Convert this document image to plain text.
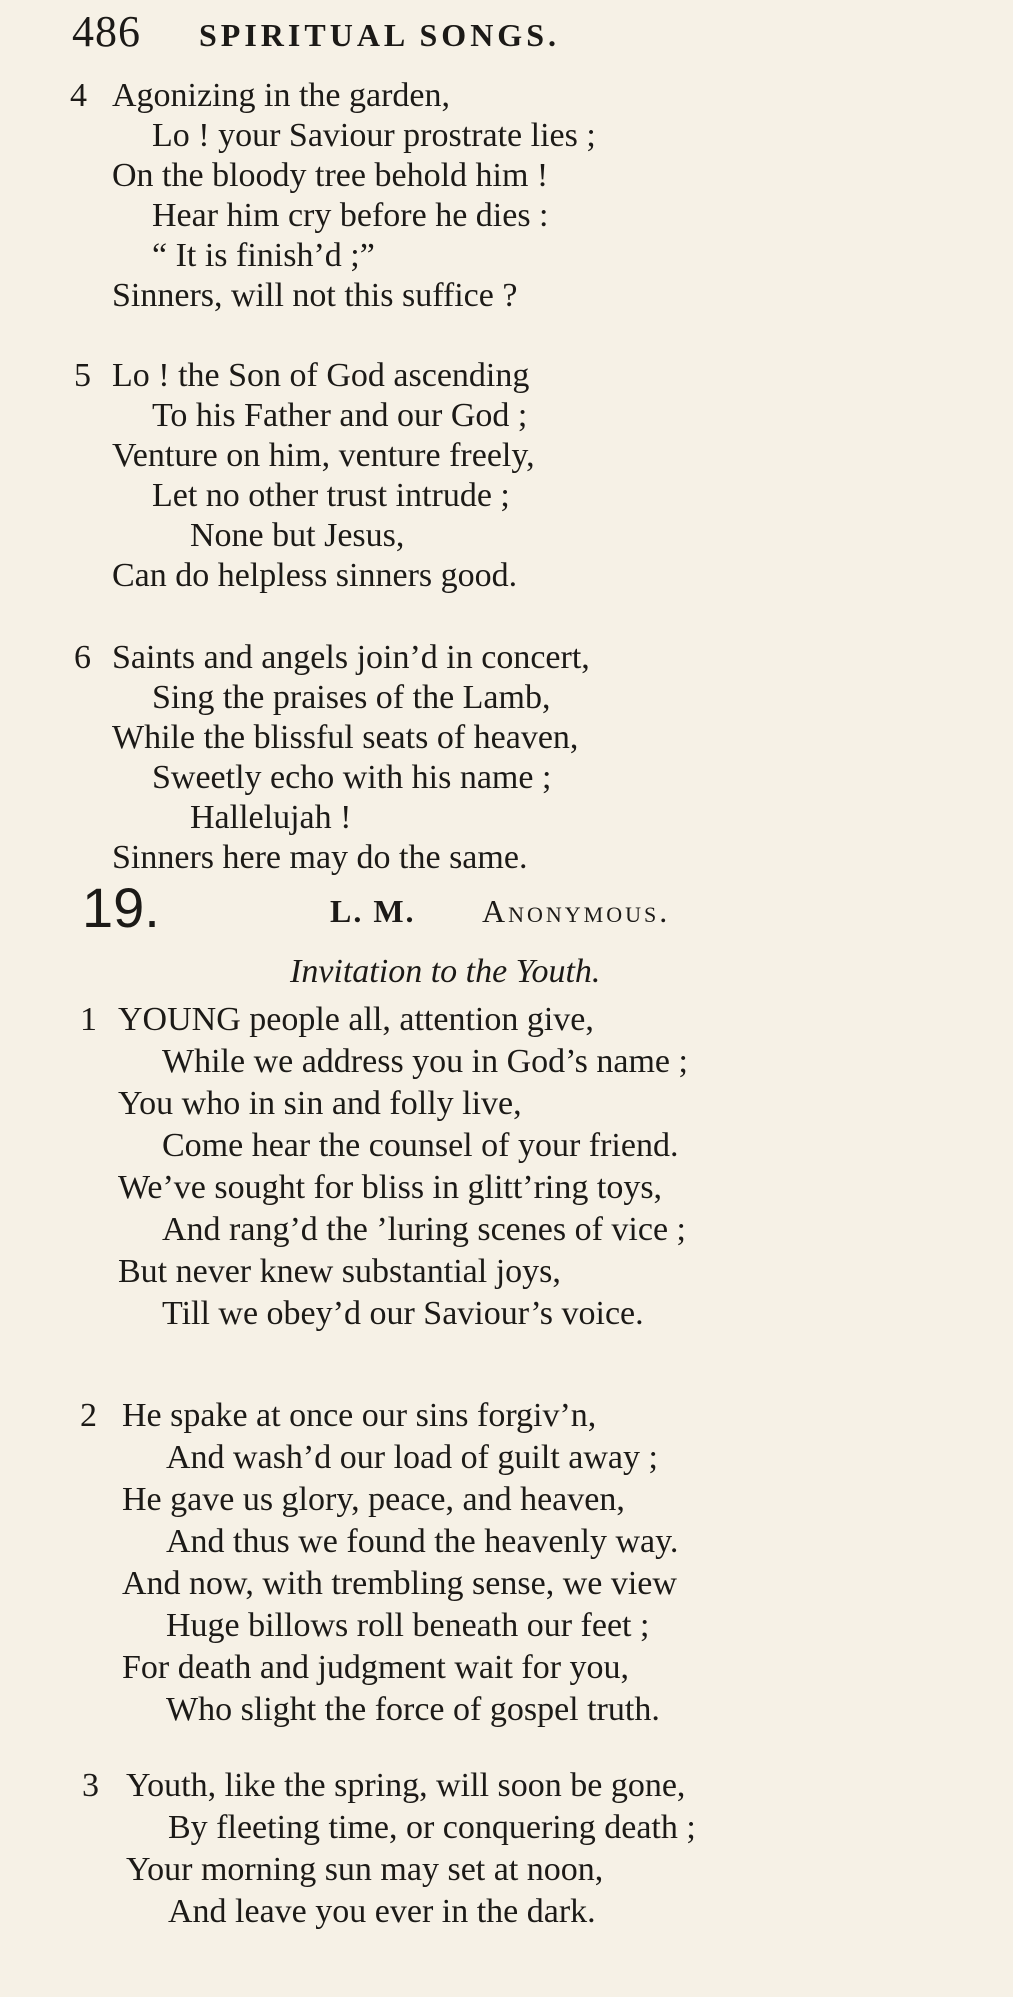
486 SPIRITUAL SONGS.
4 Agonizing in the garden,
Lo ! your Saviour prostrate lies ;
On the bloody tree behold him !
Hear him cry before he dies :
“ It is finish’d ;”
Sinners, will not this suffice ?
5 Lo ! the Son of God ascending
To his Father and our God ;
Venture on him, venture freely,
Let no other trust intrude ;
None but Jesus,
Can do helpless sinners good.
6 Saints and angels join’d in concert,
Sing the praises of the Lamb,
While the blissful seats of heaven,
Sweetly echo with his name ;
Hallelujah !
Sinners here may do the same.
19.	L. M. Anonymous.
Invitation to the Youth.
1 YOUNG people all, attention give,
While we address you in God’s name ;
You who in sin and folly live,
Come hear the counsel of your friend.
We’ve sought for bliss in glitt’ring toys,
And rang’d the ’luring scenes of vice ;
But never knew substantial joys,
Till we obey’d our Saviour’s voice.
2 He spake at once our sins forgiv’n,
And wash’d our load of guilt away ;
He gave us glory, peace, and heaven,
And thus we found the heavenly way.
And now, with trembling sense, we view
Huge billows roll beneath our feet ;
For death and judgment wait for you,
Who slight the force of gospel truth.
3 Youth, like the spring, will soon be gone,
By fleeting time, or conquering death ;
Your morning sun may set at noon,
And leave you ever in the dark.
